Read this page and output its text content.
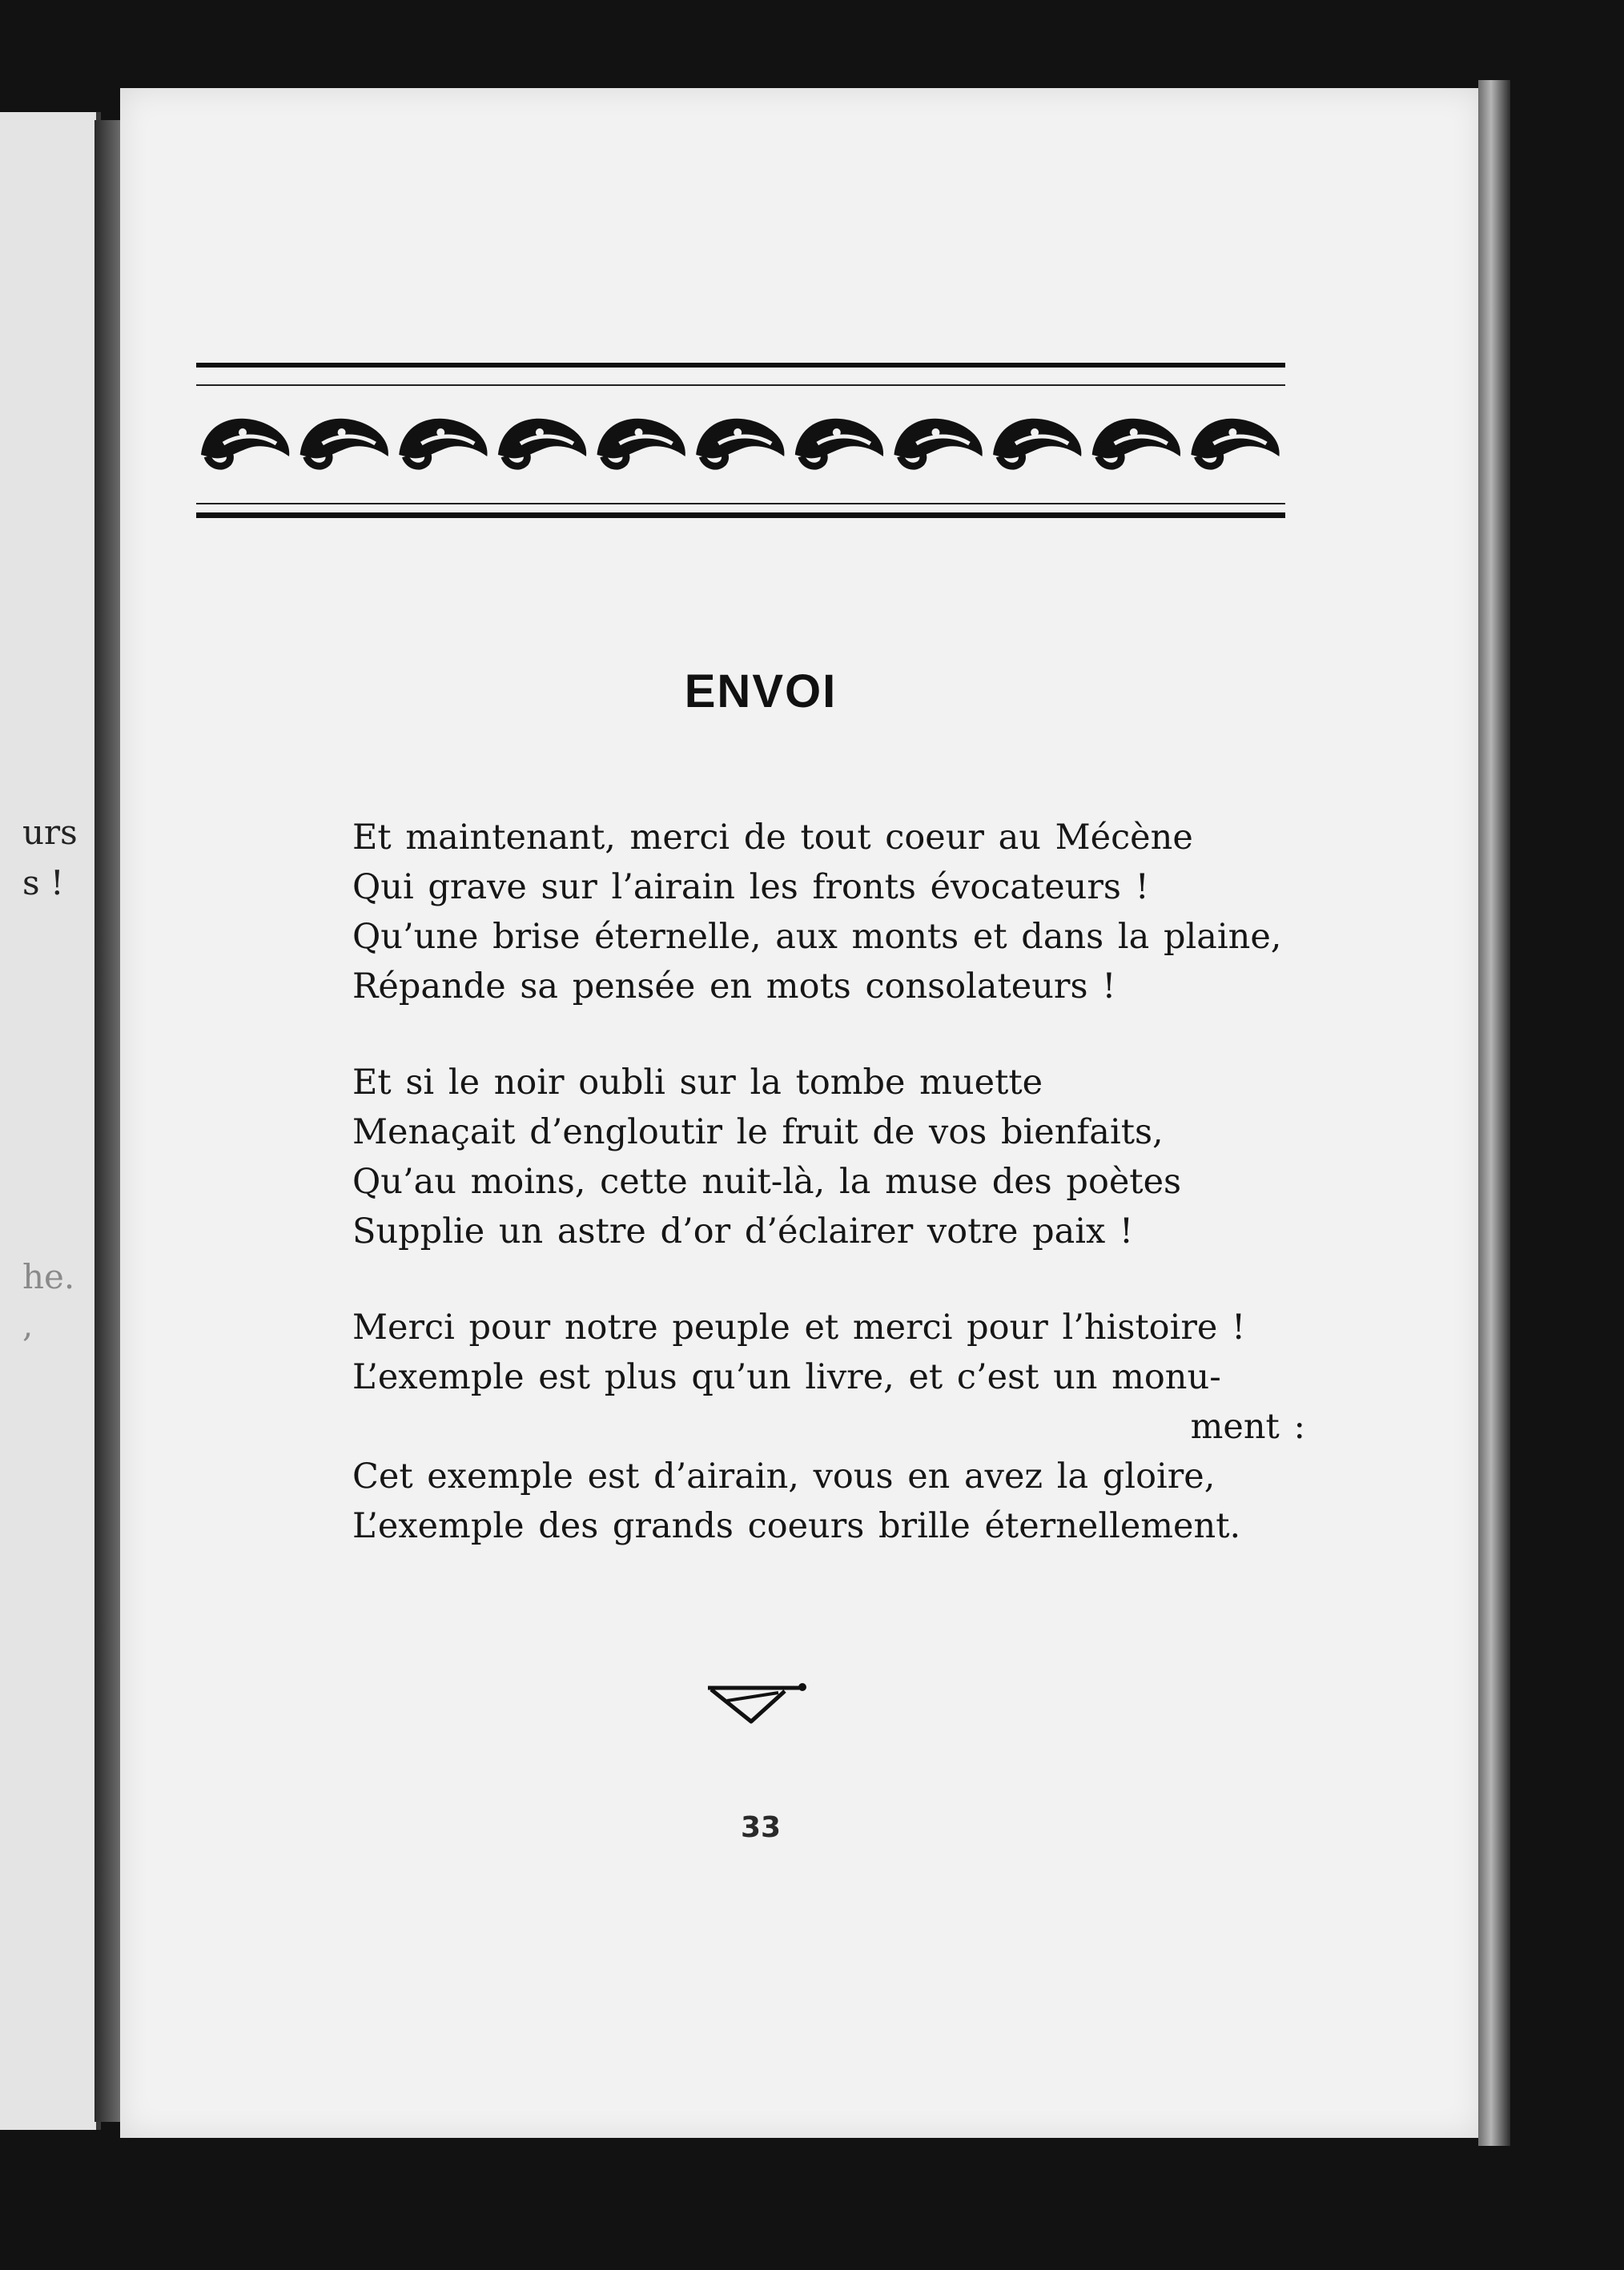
urs
s !
he.
,
ENVOI
Et maintenant, merci de tout coeur au Mécène
Qui grave sur l’airain les fronts évocateurs !
Qu’une brise éternelle, aux monts et dans la plaine,
Répande sa pensée en mots consolateurs !
Et si le noir oubli sur la tombe muette
Menaçait d’engloutir le fruit de vos bienfaits,
Qu’au moins, cette nuit-là, la muse des poètes
Supplie un astre d’or d’éclairer votre paix !
Merci pour notre peuple et merci pour l’histoire !
L’exemple est plus qu’un livre, et c’est un monu-
ment :
Cet exemple est d’airain, vous en avez la gloire,
L’exemple des grands coeurs brille éternellement.
33
